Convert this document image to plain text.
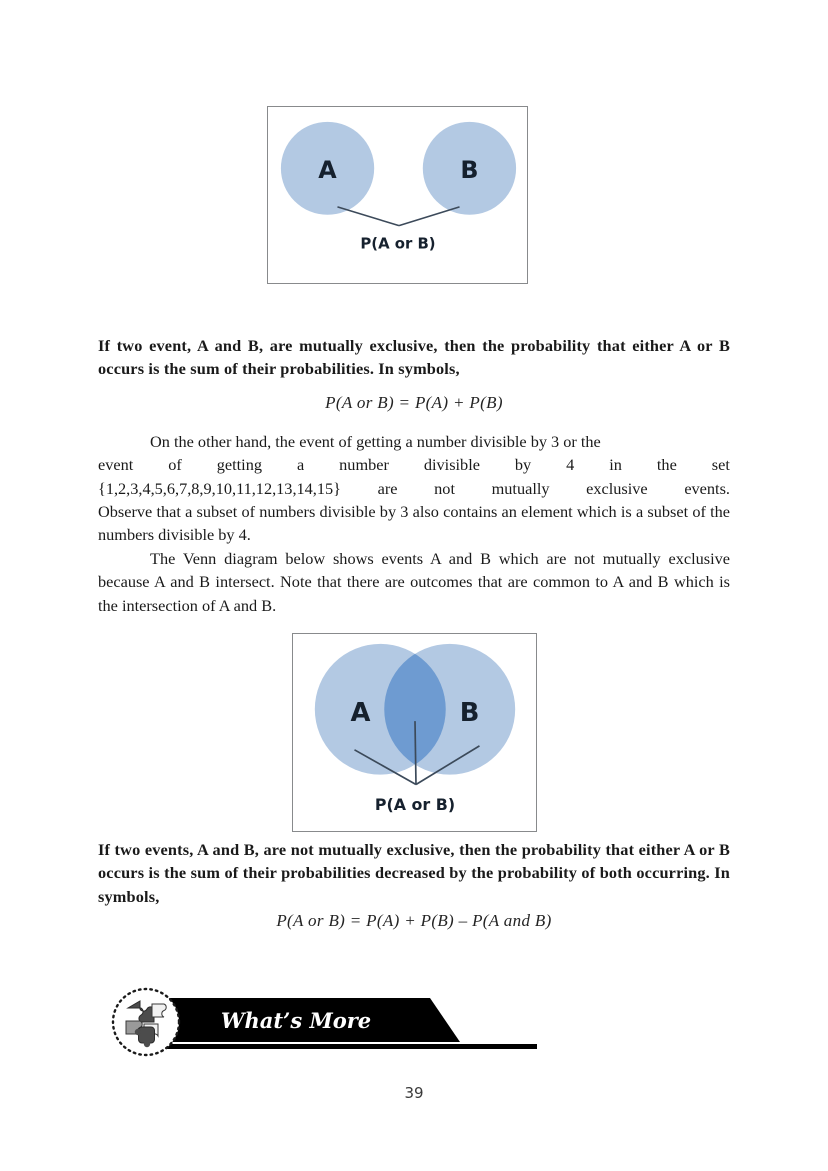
A	B
P(A or B)
If two event, A and B, are mutually exclusive, then the probability that either A or B occurs is the sum of their probabilities. In symbols,
P(A or B) = P(A) + P(B)
On the other hand, the event of getting a number divisible by 3 or the
event of getting a number divisible by 4 in the set
{1,2,3,4,5,6,7,8,9,10,11,12,13,14,15} are not mutually exclusive events.
Observe that a subset of numbers divisible by 3 also contains an element which is a subset of the numbers divisible by 4.
The Venn diagram below shows events A and B which are not mutually exclusive because A and B intersect. Note that there are outcomes that are common to A and B which is the intersection of A and B.
A	B
P(A or B)
If two events, A and B, are not mutually exclusive, then the probability that either A or B occurs is the sum of their probabilities decreased by the probability of both occurring. In symbols,
P(A or B) = P(A) + P(B) – P(A and B)
What’s More
39
